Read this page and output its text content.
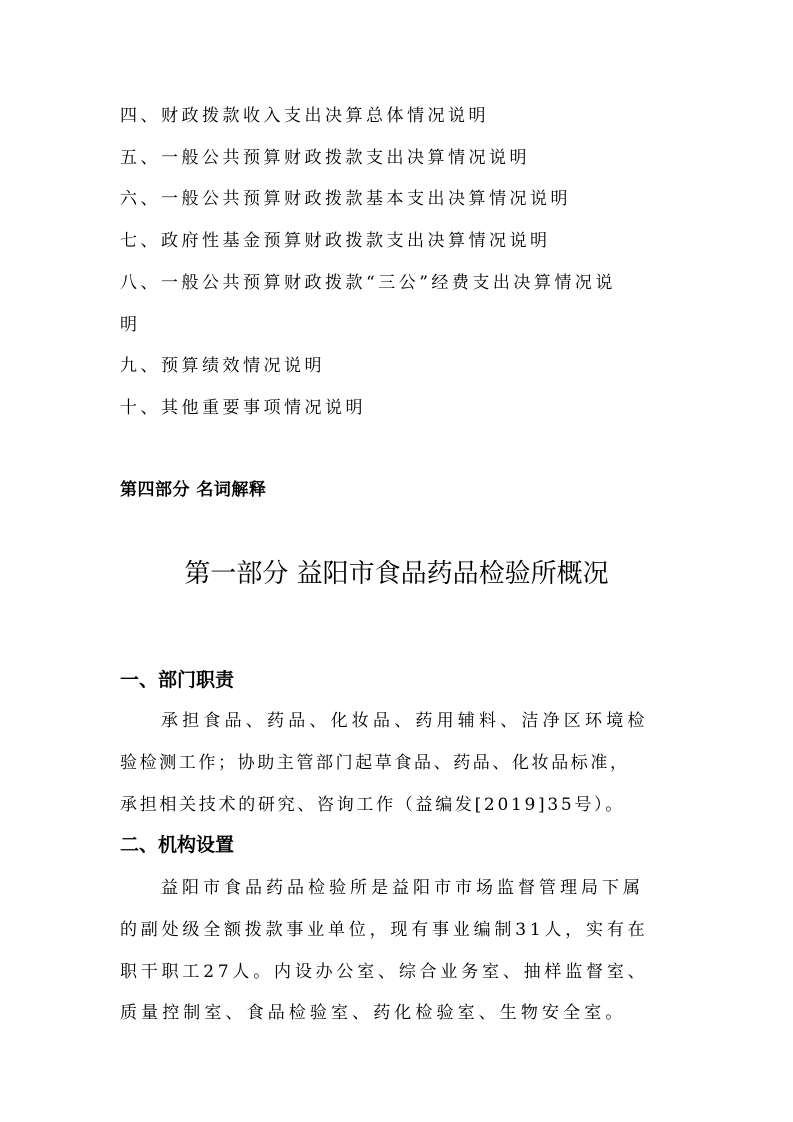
四、财政拨款收入支出决算总体情况说明
五、一般公共预算财政拨款支出决算情况说明
六、一般公共预算财政拨款基本支出决算情况说明
七、政府性基金预算财政拨款支出决算情况说明
八、一般公共预算财政拨款“三公”经费支出决算情况说
明
九、预算绩效情况说明
十、其他重要事项情况说明
第四部分 名词解释
第一部分 益阳市食品药品检验所概况
一、部门职责
承担食品、药品、化妆品、药用辅料、洁净区环境检
验检测工作；协助主管部门起草食品、药品、化妆品标准，
承担相关技术的研究、咨询工作（益编发[2019]35号）。
二、机构设置
益阳市食品药品检验所是益阳市市场监督管理局下属
的副处级全额拨款事业单位，现有事业编制31人，实有在
职干职工27人。内设办公室、综合业务室、抽样监督室、
质量控制室、食品检验室、药化检验室、生物安全室。
